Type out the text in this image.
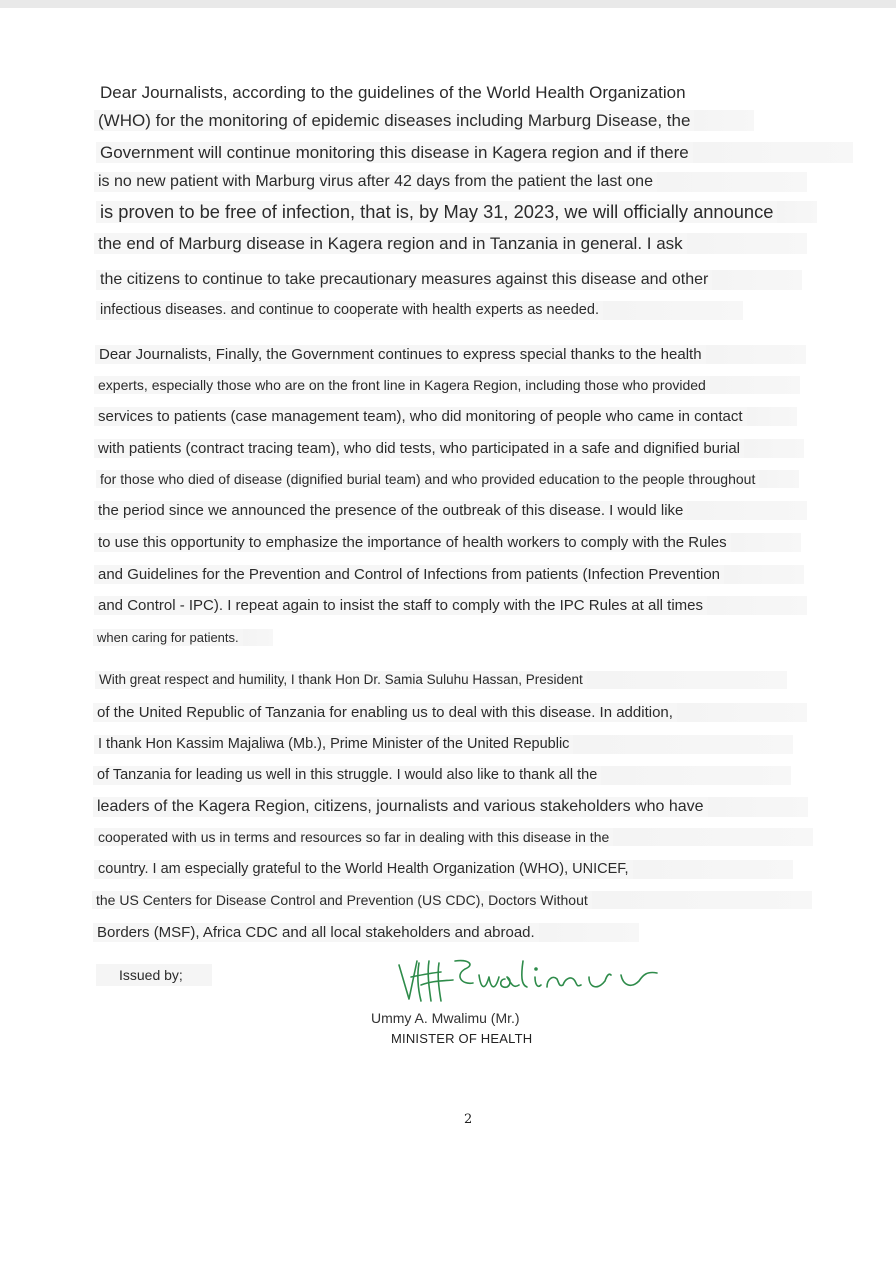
Dear Journalists, according to the guidelines of the World Health Organization
(WHO) for the monitoring of epidemic diseases including Marburg Disease, the
Government will continue monitoring this disease in Kagera region and if there
is no new patient with Marburg virus after 42 days from the patient the last one
is proven to be free of infection, that is, by May 31, 2023, we will officially announce
the end of Marburg disease in Kagera region and in Tanzania in general. I ask
the citizens to continue to take precautionary measures against this disease and other
infectious diseases. and continue to cooperate with health experts as needed.
Dear Journalists, Finally, the Government continues to express special thanks to the health
experts, especially those who are on the front line in Kagera Region, including those who provided
services to patients (case management team), who did monitoring of people who came in contact
with patients (contract tracing team), who did tests, who participated in a safe and dignified burial
for those who died of disease (dignified burial team) and who provided education to the people throughout
the period since we announced the presence of the outbreak of this disease. I would like
to use this opportunity to emphasize the importance of health workers to comply with the Rules
and Guidelines for the Prevention and Control of Infections from patients (Infection Prevention
and Control - IPC). I repeat again to insist the staff to comply with the IPC Rules at all times
when caring for patients.
With great respect and humility, I thank Hon Dr. Samia Suluhu Hassan, President
of the United Republic of Tanzania for enabling us to deal with this disease. In addition,
I thank Hon Kassim Majaliwa (Mb.), Prime Minister of the United Republic
of Tanzania for leading us well in this struggle. I would also like to thank all the
leaders of the Kagera Region, citizens, journalists and various stakeholders who have
cooperated with us in terms and resources so far in dealing with this disease in the
country. I am especially grateful to the World Health Organization (WHO), UNICEF,
the US Centers for Disease Control and Prevention (US CDC), Doctors Without
Borders (MSF), Africa CDC and all local stakeholders and abroad.
Issued by;
Ummy A. Mwalimu (Mr.)
MINISTER OF HEALTH
2
